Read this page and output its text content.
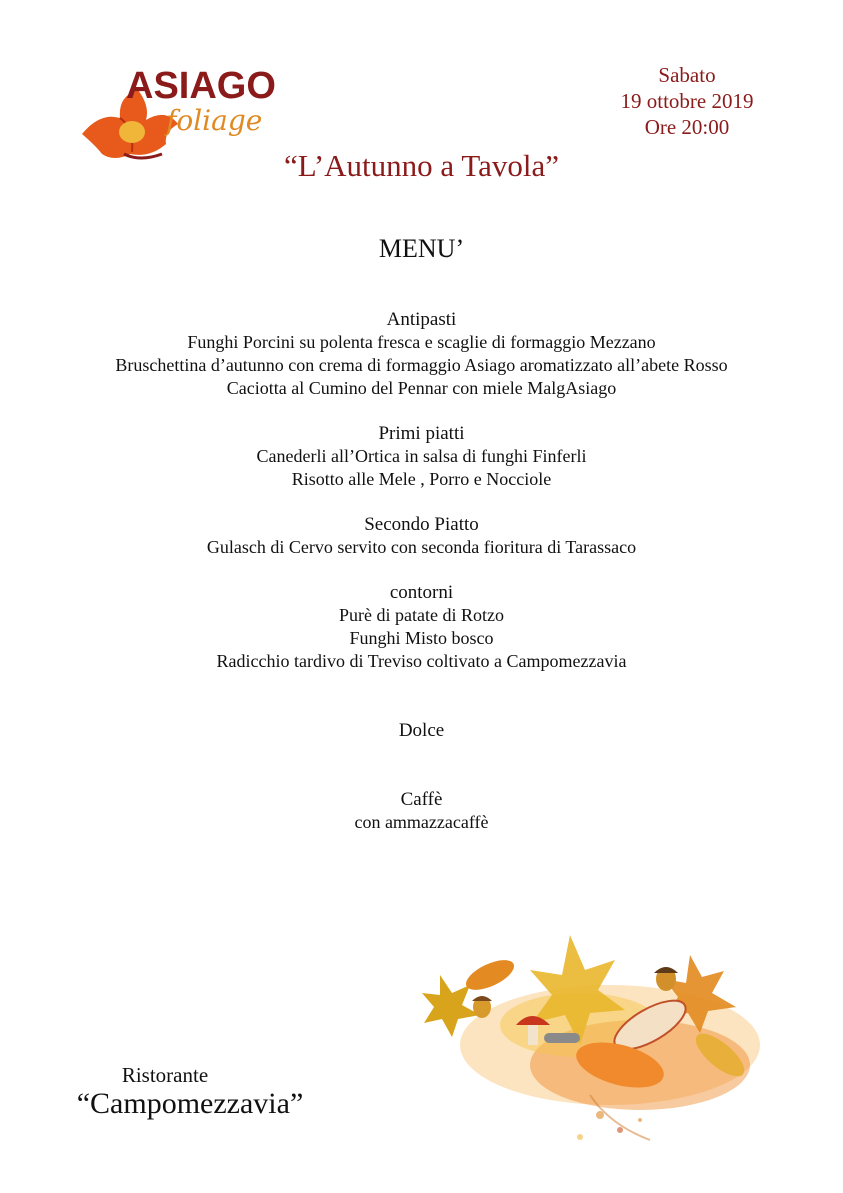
ASIAGO
foliage
Sabato
19 ottobre 2019
Ore 20:00
“L’Autunno a Tavola”
MENU’
Antipasti
Funghi Porcini su polenta fresca e scaglie di formaggio Mezzano
Bruschettina d’autunno con crema di formaggio Asiago aromatizzato all’abete Rosso
Caciotta al Cumino del Pennar con miele MalgAsiago
Primi piatti
Canederli all’Ortica in salsa di funghi Finferli
Risotto alle Mele , Porro e Nocciole
Secondo Piatto
Gulasch di Cervo servito con seconda fioritura di Tarassaco
contorni
Purè di patate di Rotzo
Funghi Misto bosco
Radicchio tardivo di Treviso coltivato a Campomezzavia
Dolce
Caffè
con ammazzacaffè
Ristorante
“Campomezzavia”
